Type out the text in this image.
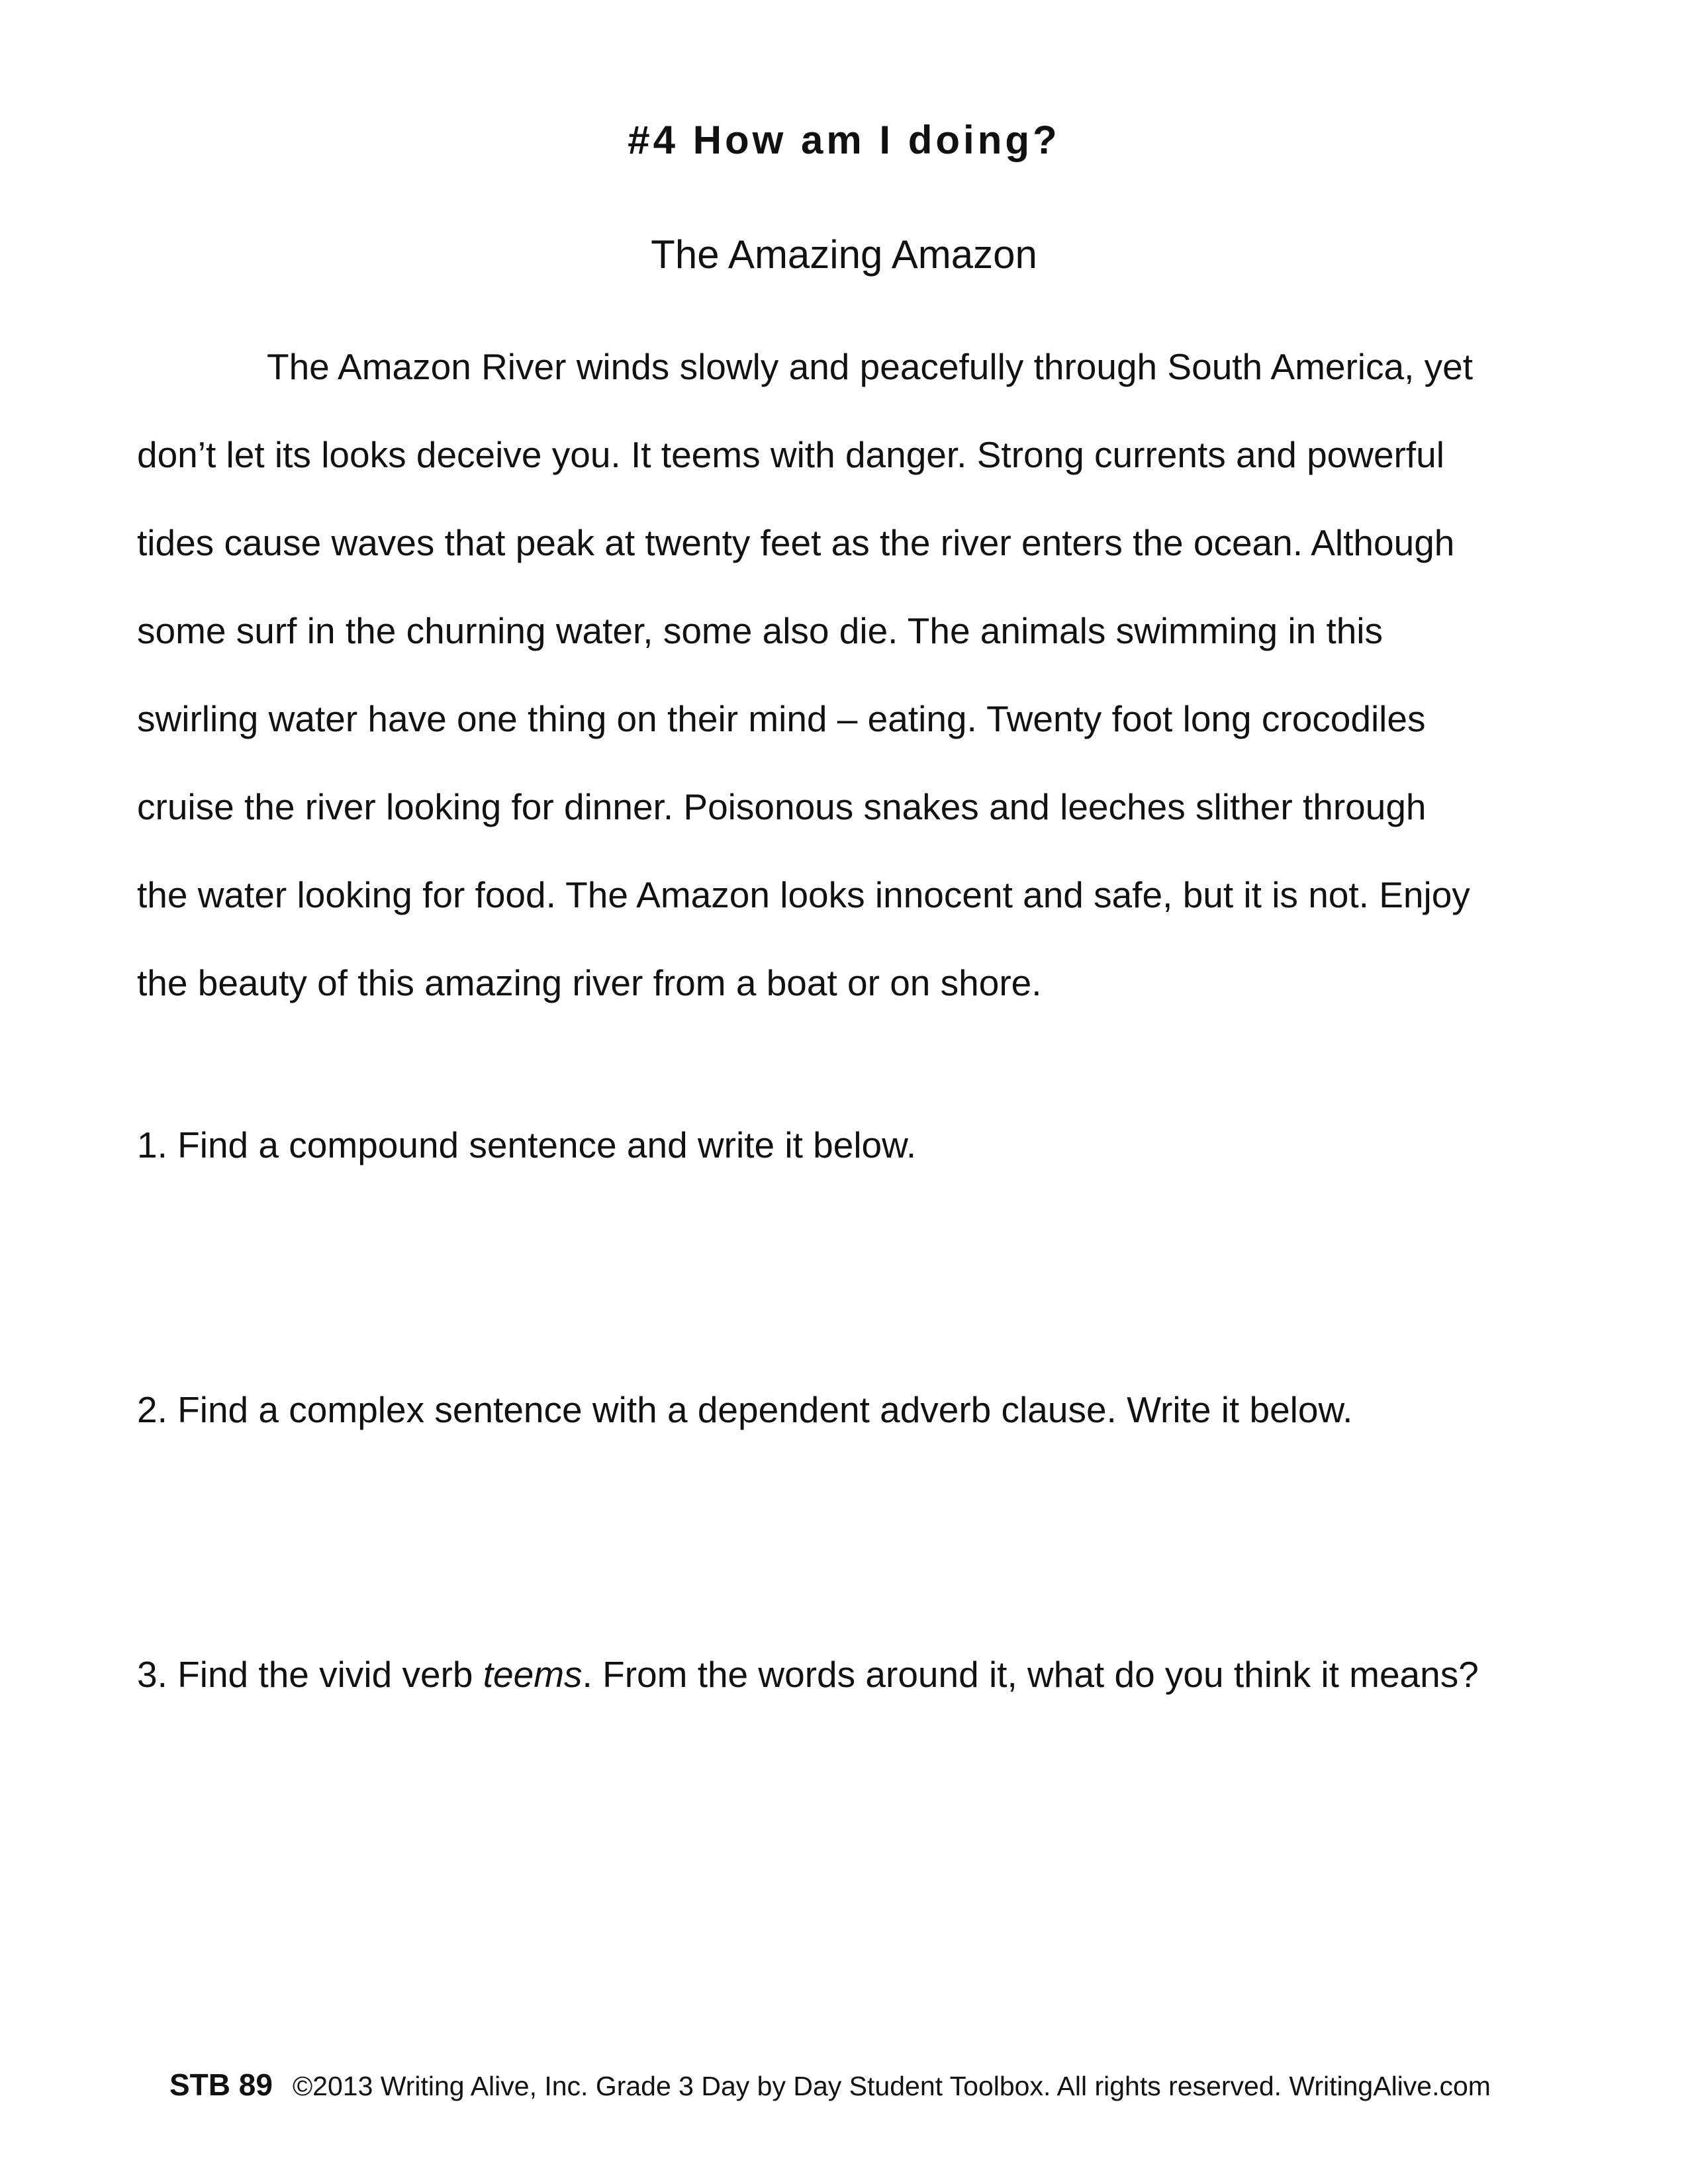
#4 How am I doing?
The Amazing Amazon
The Amazon River winds slowly and peacefully through South America, yet
don’t let its looks deceive you. It teems with danger. Strong currents and powerful
tides cause waves that peak at twenty feet as the river enters the ocean. Although
some surf in the churning water, some also die. The animals swimming in this
swirling water have one thing on their mind – eating. Twenty foot long crocodiles
cruise the river looking for dinner. Poisonous snakes and leeches slither through
the water looking for food. The Amazon looks innocent and safe, but it is not. Enjoy
the beauty of this amazing river from a boat or on shore.
1. Find a compound sentence and write it below.
2. Find a complex sentence with a dependent adverb clause. Write it below.
3. Find the vivid verb teems. From the words around it, what do you think it means?
STB 89 ©2013 Writing Alive, Inc. Grade 3 Day by Day Student Toolbox. All rights reserved. WritingAlive.com
